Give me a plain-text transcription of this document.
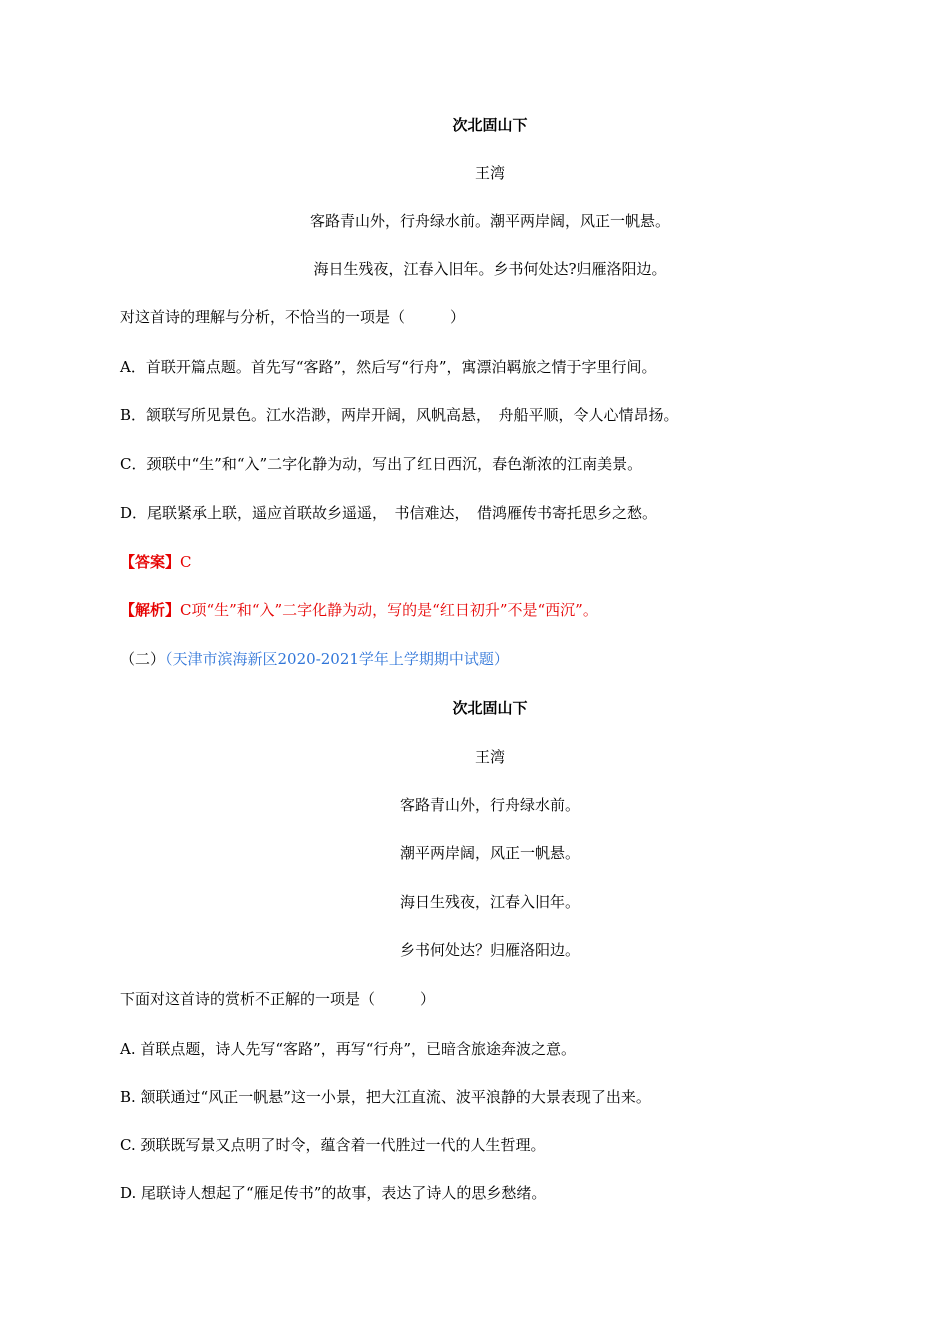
次北固山下
王湾
客路青山外，行舟绿水前。潮平两岸阔，风正一帆悬。
海日生残夜，江春入旧年。乡书何处达?归雁洛阳边。
对这首诗的理解与分析，不恰当的一项是（　　　）
A．首联开篇点题。首先写“客路”，然后写“行舟”，寓漂泊羁旅之情于字里行间。
B．颔联写所见景色。江水浩渺，两岸开阔，风帆高悬，　舟船平顺，令人心情昂扬。
C．颈联中“生”和“入”二字化静为动，写出了红日西沉，春色渐浓的江南美景。
D．尾联紧承上联，遥应首联故乡遥遥，　书信难达，　借鸿雁传书寄托思乡之愁。
【答案】C
【解析】C项“生”和“入”二字化静为动，写的是“红日初升”不是“西沉”。
（二）（天津市滨海新区2020-2021学年上学期期中试题）
次北固山下
王湾
客路青山外，行舟绿水前。
潮平两岸阔，风正一帆悬。
海日生残夜，江春入旧年。
乡书何处达？归雁洛阳边。
下面对这首诗的赏析不正解的一项是（　　　）
A. 首联点题，诗人先写“客路”，再写“行舟”，已暗含旅途奔波之意。
B. 颔联通过“风正一帆悬”这一小景，把大江直流、波平浪静的大景表现了出来。
C. 颈联既写景又点明了时令，蕴含着一代胜过一代的人生哲理。
D. 尾联诗人想起了“雁足传书”的故事，表达了诗人的思乡愁绪。
